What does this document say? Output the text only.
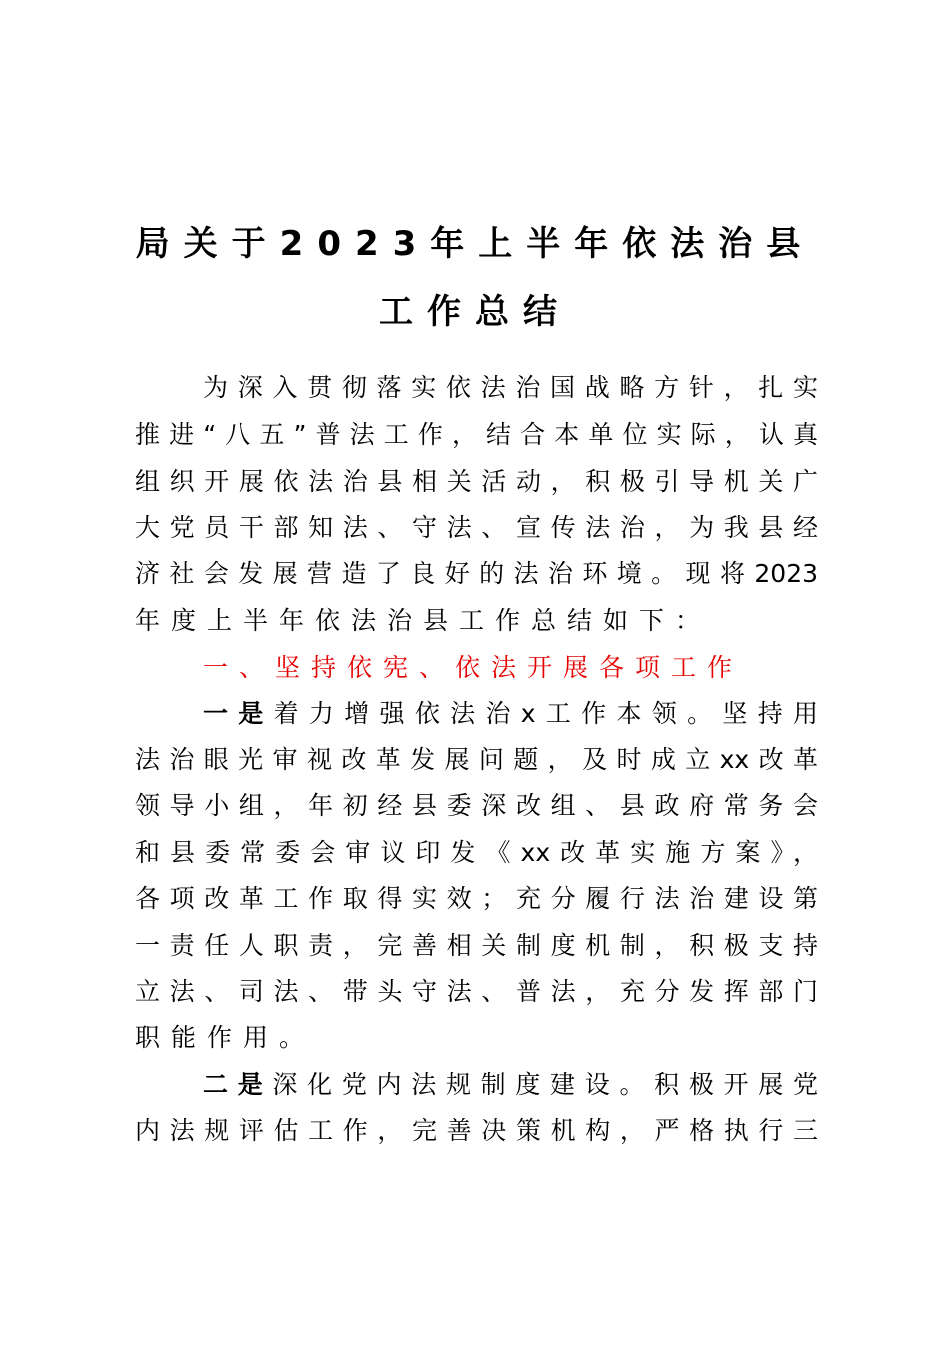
局关于2023年上半年依法治县
工作总结
为深入贯彻落实依法治国战略方针，扎实
推进“八五”普法工作，结合本单位实际，认真
组织开展依法治县相关活动，积极引导机关广
大党员干部知法、守法、宣传法治，为我县经
济社会发展营造了良好的法治环境。现将2023
年度上半年依法治县工作总结如下：
一、坚持依宪、依法开展各项工作
一是着力增强依法治x工作本领。坚持用
法治眼光审视改革发展问题，及时成立xx改革
领导小组，年初经县委深改组、县政府常务会
和县委常委会审议印发《xx改革实施方案》，
各项改革工作取得实效；充分履行法治建设第
一责任人职责，完善相关制度机制，积极支持
立法、司法、带头守法、普法，充分发挥部门
职能作用。
二是深化党内法规制度建设。积极开展党
内法规评估工作，完善决策机构，严格执行三
